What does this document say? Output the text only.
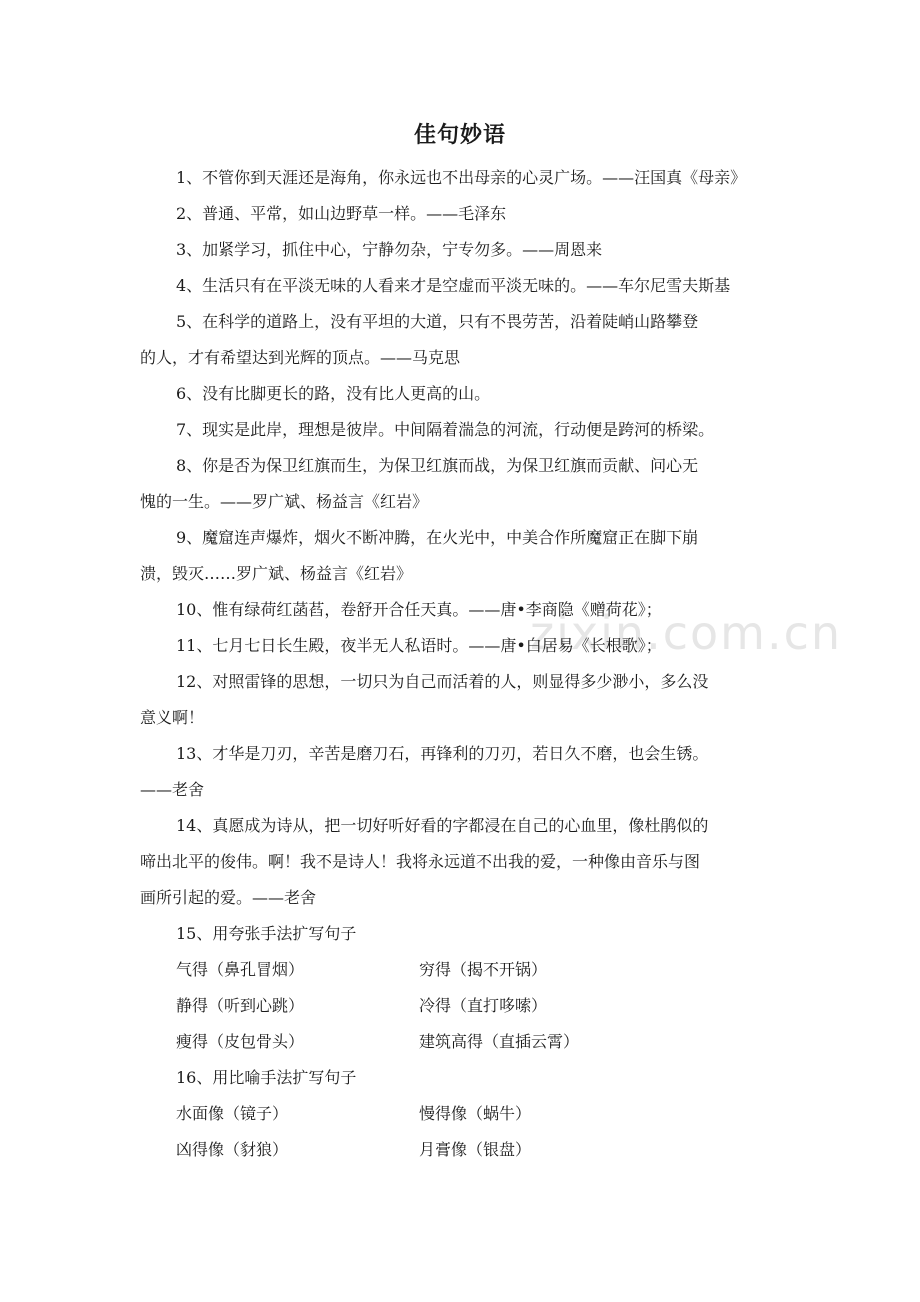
zixin.com.cn
佳句妙语

1、不管你到天涯还是海角，你永远也不出母亲的心灵广场。——汪国真《母亲》

2、普通、平常，如山边野草一样。——毛泽东

3、加紧学习，抓住中心，宁静勿杂，宁专勿多。——周恩来

4、生活只有在平淡无味的人看来才是空虚而平淡无味的。——车尔尼雪夫斯基

5、在科学的道路上，没有平坦的大道，只有不畏劳苦，沿着陡峭山路攀登

的人，才有希望达到光辉的顶点。——马克思

6、没有比脚更长的路，没有比人更高的山。

7、现实是此岸，理想是彼岸。中间隔着湍急的河流，行动便是跨河的桥梁。

8、你是否为保卫红旗而生，为保卫红旗而战，为保卫红旗而贡献、问心无

愧的一生。——罗广斌、杨益言《红岩》

9、魔窟连声爆炸，烟火不断冲腾，在火光中，中美合作所魔窟正在脚下崩

溃，毁灭……罗广斌、杨益言《红岩》

10、惟有绿荷红菡萏，卷舒开合任天真。——唐•李商隐《赠荷花》；

11、七月七日长生殿，夜半无人私语时。——唐•白居易《长根歌》；

12、对照雷锋的思想，一切只为自己而活着的人，则显得多少渺小，多么没

意义啊！

13、才华是刀刃，辛苦是磨刀石，再锋利的刀刃，若日久不磨，也会生锈。

——老舍

14、真愿成为诗从，把一切好听好看的字都浸在自己的心血里，像杜鹃似的

啼出北平的俊伟。啊！我不是诗人！我将永远道不出我的爱，一种像由音乐与图

画所引起的爱。——老舍

15、用夸张手法扩写句子

气得（鼻孔冒烟）	穷得（揭不开锅）
静得（听到心跳）	冷得（直打哆嗦）
瘦得（皮包骨头）	建筑高得（直插云霄）

16、用比喻手法扩写句子

水面像（镜子）	慢得像（蜗牛）
凶得像（豺狼）	月膏像（银盘）
